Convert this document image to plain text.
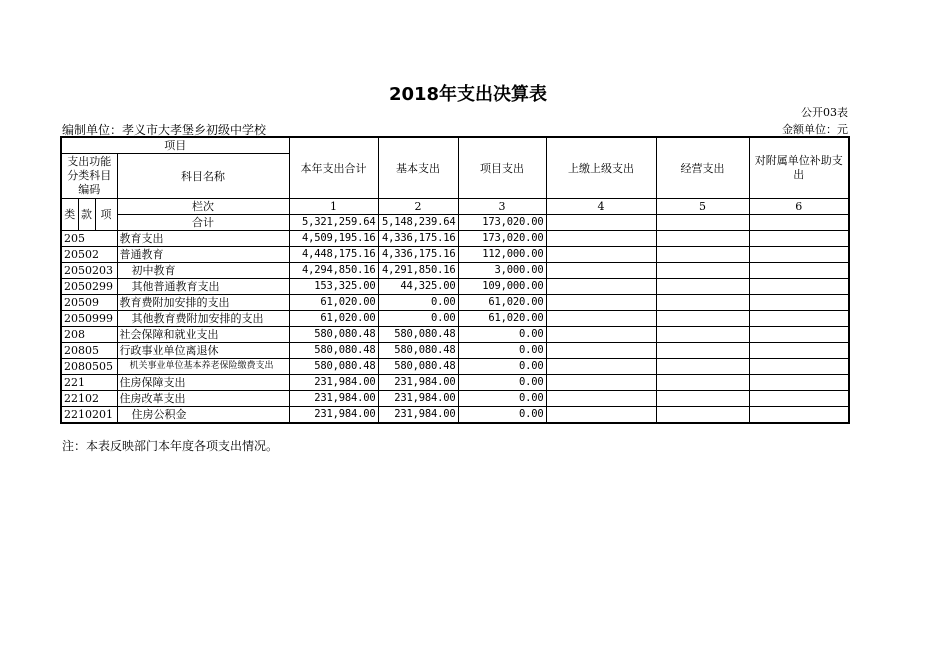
2018年支出决算表
公开03表
编制单位：孝义市大孝堡乡初级中学校	金额单位：元
项目				本年支出合计	基本支出	项目支出	上缴上级支出	经营支出	对附属单位补助支出
支出功能分类科目编码			科目名称						

类	款	项	栏次	1	2	3	4	5	6
			合计	5,321,259.64	5,148,239.64	173,020.00			
205			教育支出	4,509,195.16	4,336,175.16	173,020.00			
20502			普通教育	4,448,175.16	4,336,175.16	112,000.00			
2050203			初中教育	4,294,850.16	4,291,850.16	3,000.00			
2050299			其他普通教育支出	153,325.00	44,325.00	109,000.00			
20509			教育费附加安排的支出	61,020.00	0.00	61,020.00			
2050999			其他教育费附加安排的支出	61,020.00	0.00	61,020.00			
208			社会保障和就业支出	580,080.48	580,080.48	0.00			
20805			行政事业单位离退休	580,080.48	580,080.48	0.00			
2080505			机关事业单位基本养老保险缴费支出	580,080.48	580,080.48	0.00			
221			住房保障支出	231,984.00	231,984.00	0.00			
22102			住房改革支出	231,984.00	231,984.00	0.00			
2210201			住房公积金	231,984.00	231,984.00	0.00			
注：本表反映部门本年度各项支出情况。
